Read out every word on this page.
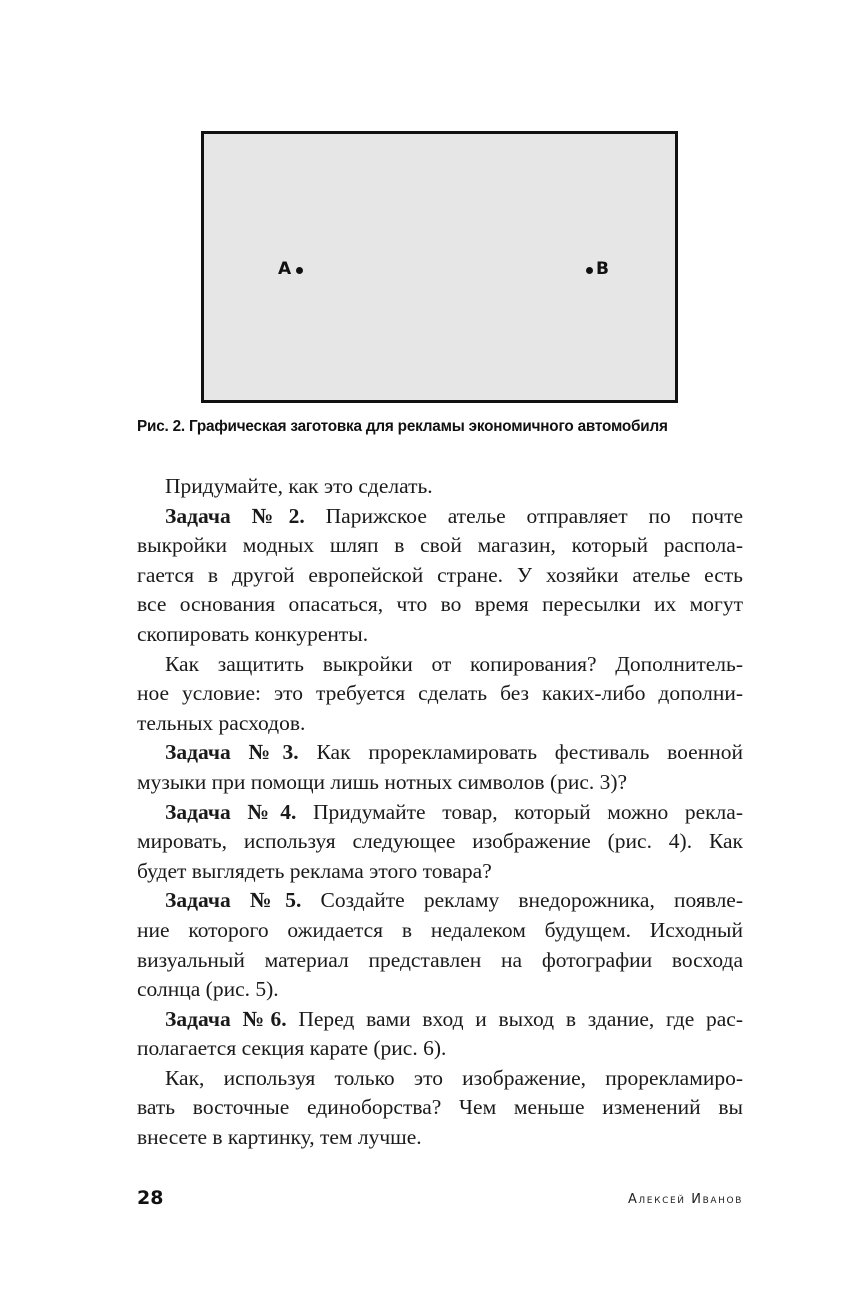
A	B
Рис. 2. Графическая заготовка для рекламы экономичного автомобиля
Придумайте, как это сделать.
Задача №2. Парижское ателье отправляет по почте
выкройки модных шляп в свой магазин, который распола-
гается в другой европейской стране. У хозяйки ателье есть
все основания опасаться, что во время пересылки их могут
скопировать конкуренты.
Как защитить выкройки от копирования? Дополнитель-
ное условие: это требуется сделать без каких-либо дополни-
тельных расходов.
Задача №3. Как прорекламировать фестиваль военной
музыки при помощи лишь нотных символов (рис. 3)?
Задача №4. Придумайте товар, который можно рекла-
мировать, используя следующее изображение (рис. 4). Как
будет выглядеть реклама этого товара?
Задача №5. Создайте рекламу внедорожника, появле-
ние которого ожидается в недалеком будущем. Исходный
визуальный материал представлен на фотографии восхода
солнца (рис. 5).
Задача №6. Перед вами вход и выход в здание, где рас-
полагается секция карате (рис. 6).
Как, используя только это изображение, прорекламиро-
вать восточные единоборства? Чем меньше изменений вы
внесете в картинку, тем лучше.
28	Алексей Иванов
